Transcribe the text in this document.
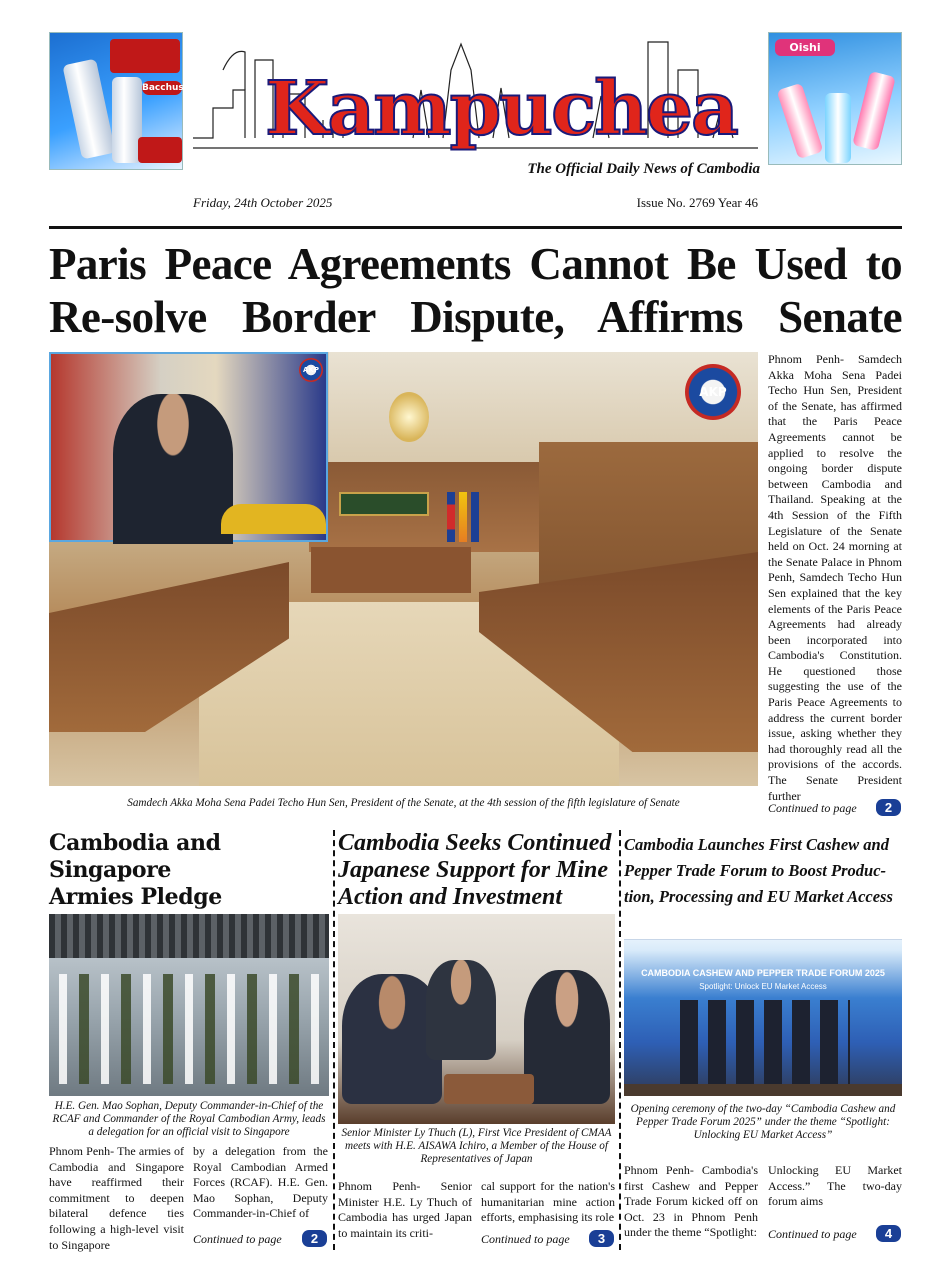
Bacchus Kampuchea
The Official Daily News of Cambodia
Oishi
Friday, 24th October 2025	Issue No. 2769 Year 46
Paris Peace Agreements Cannot Be Used to Re-solve Border Dispute, Affirms Senate
AKP
AKP
Samdech Akka Moha Sena Padei Techo Hun Sen, President of the Senate, at the 4th session of the fifth legislature of Senate
Phnom Penh- Samdech Akka Moha Sena Padei Techo Hun Sen, President of the Senate, has affirmed that the Paris Peace Agreements cannot be applied to resolve the ongoing border dispute between Cambodia and Thailand. Speaking at the 4th Session of the Fifth Legislature of the Senate held on Oct. 24 morning at the Senate Palace in Phnom Penh, Samdech Techo Hun Sen explained that the key elements of the Paris Peace Agreements had already been incorporated into Cambodia's Constitution. He questioned those suggesting the use of the Paris Peace Agreements to address the current border issue, asking whether they had thoroughly read all the provisions of the accords. The Senate President further
Continued to page	2
Cambodia and Singapore
Armies Pledge
H.E. Gen. Mao Sophan, Deputy Commander-in-Chief of the RCAF and Commander of the Royal Cambodian Army, leads a delegation for an official visit to Singapore
Phnom Penh- The armies of Cambodia and Singapore have reaffirmed their commitment to deepen bilateral defence ties following a high-level visit to Singapore
by a delegation from the Royal Cambodian Armed Forces (RCAF). H.E. Gen. Mao Sophan, Deputy Commander-in-Chief of
Continued to page	2
Cambodia Seeks Continued
Japanese Support for Mine
Action and Investment
Senior Minister Ly Thuch (L), First Vice President of CMAA meets with H.E. AISAWA Ichiro, a Member of the House of Representatives of Japan
Phnom Penh- Senior Minister H.E. Ly Thuch of Cambodia has urged Japan to maintain its criti-
cal support for the nation's humanitarian mine action efforts, emphasising its role
Continued to page	3
Cambodia Launches First Cashew and
Pepper Trade Forum to Boost Produc-
tion, Processing and EU Market Access
CAMBODIA CASHEW AND PEPPER TRADE FORUM 2025
Spotlight: Unlock EU Market Access
Opening ceremony of the two-day “Cambodia Cashew and Pepper Trade Forum 2025” under the theme “Spotlight: Unlocking EU Market Access”
Phnom Penh- Cambodia's first Cashew and Pepper Trade Forum kicked off on Oct. 23 in Phnom Penh under the theme “Spotlight:
Unlocking EU Market Access.” The two-day forum aims
Continued to page	4
